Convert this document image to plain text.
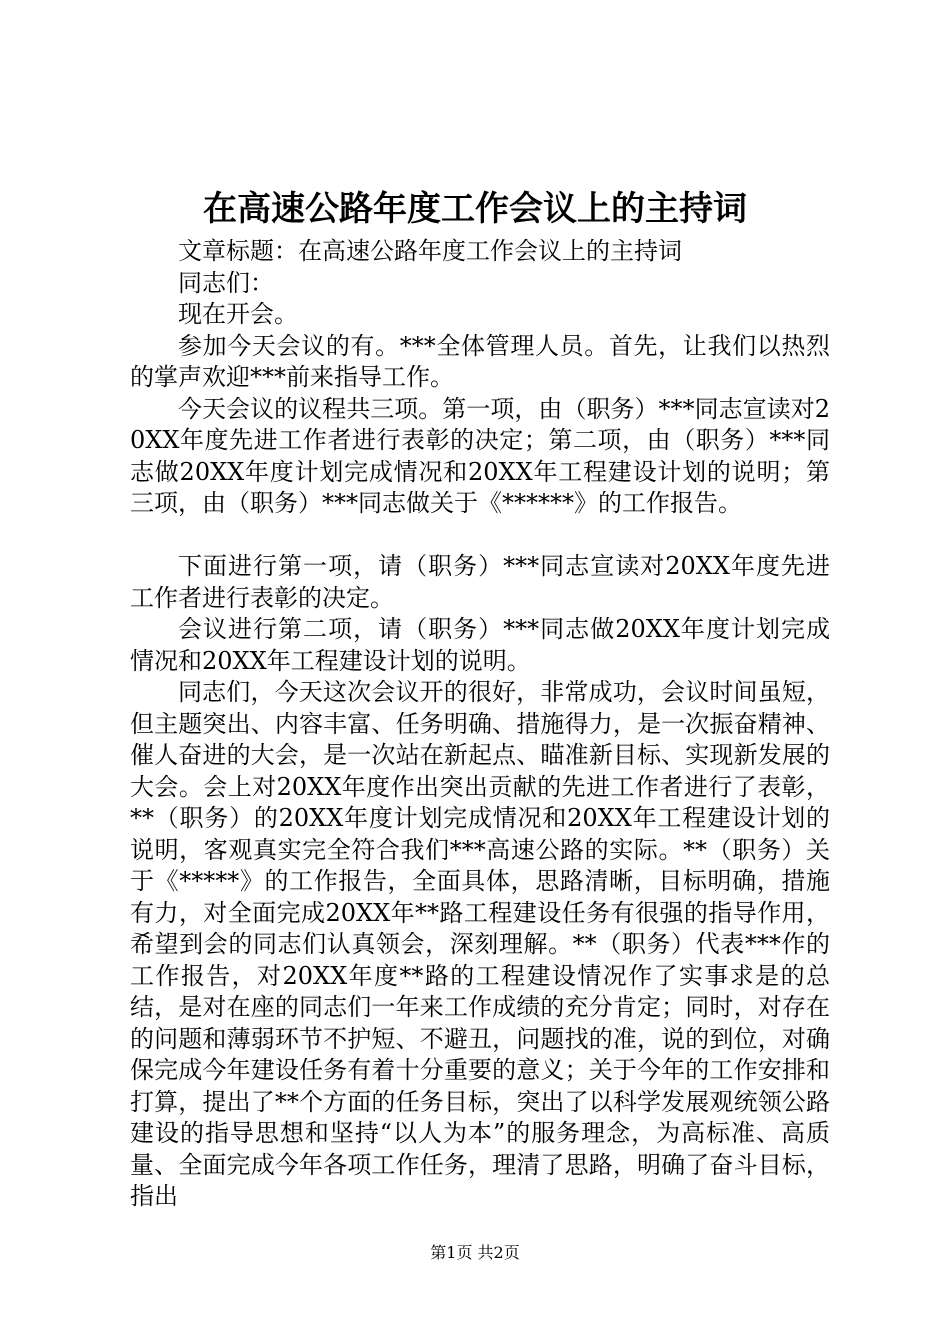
在高速公路年度工作会议上的主持词

文章标题：在高速公路年度工作会议上的主持词

同志们：

现在开会。

参加今天会议的有。***全体管理人员。首先，让我们以热烈的掌声欢迎***前来指导工作。

今天会议的议程共三项。第一项，由（职务）***同志宣读对20XX年度先进工作者进行表彰的决定；第二项，由（职务）***同志做20XX年度计划完成情况和20XX年工程建设计划的说明；第三项，由（职务）***同志做关于《******》的工作报告。

下面进行第一项，请（职务）***同志宣读对20XX年度先进工作者进行表彰的决定。

会议进行第二项，请（职务）***同志做20XX年度计划完成情况和20XX年工程建设计划的说明。

同志们，今天这次会议开的很好，非常成功，会议时间虽短，但主题突出、内容丰富、任务明确、措施得力，是一次振奋精神、催人奋进的大会，是一次站在新起点、瞄准新目标、实现新发展的大会。会上对20XX年度作出突出贡献的先进工作者进行了表彰，**（职务）的20XX年度计划完成情况和20XX年工程建设计划的说明，客观真实完全符合我们***高速公路的实际。**（职务）关于《*****》的工作报告，全面具体，思路清晰，目标明确，措施有力，对全面完成20XX年**路工程建设任务有很强的指导作用，希望到会的同志们认真领会，深刻理解。**（职务）代表***作的工作报告，对20XX年度**路的工程建设情况作了实事求是的总结，是对在座的同志们一年来工作成绩的充分肯定；同时，对存在的问题和薄弱环节不护短、不避丑，问题找的准，说的到位，对确保完成今年建设任务有着十分重要的意义；关于今年的工作安排和打算，提出了**个方面的任务目标，突出了以科学发展观统领公路建设的指导思想和坚持“以人为本”的服务理念，为高标准、高质量、全面完成今年各项工作任务，理清了思路，明确了奋斗目标，指出

第1页 共2页
